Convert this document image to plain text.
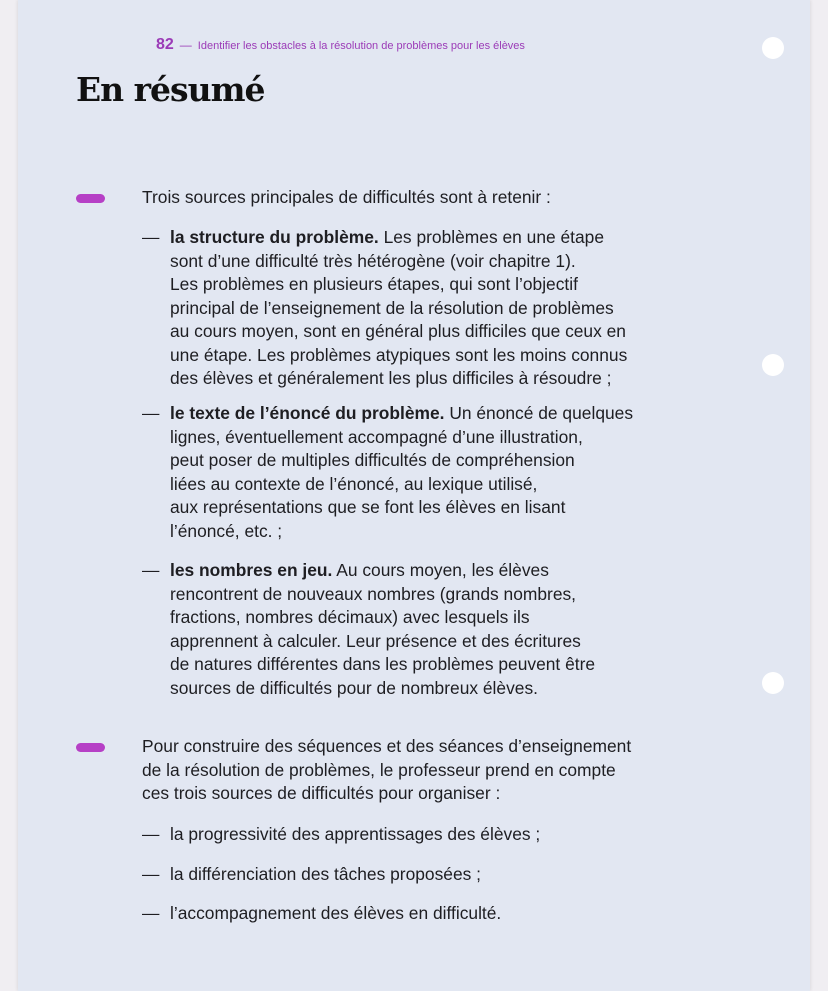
82 — Identifier les obstacles à la résolution de problèmes pour les élèves
En résumé

Trois sources principales de difficultés sont à retenir :

— la structure du problème. Les problèmes en une étape
sont d’une difficulté très hétérogène (voir chapitre 1).
Les problèmes en plusieurs étapes, qui sont l’objectif
principal de l’enseignement de la résolution de problèmes
au cours moyen, sont en général plus difficiles que ceux en
une étape. Les problèmes atypiques sont les moins connus
des élèves et généralement les plus difficiles à résoudre ;
— le texte de l’énoncé du problème. Un énoncé de quelques
lignes, éventuellement accompagné d’une illustration,
peut poser de multiples difficultés de compréhension
liées au contexte de l’énoncé, au lexique utilisé,
aux représentations que se font les élèves en lisant
l’énoncé, etc. ;
— les nombres en jeu. Au cours moyen, les élèves
rencontrent de nouveaux nombres (grands nombres,
fractions, nombres décimaux) avec lesquels ils
apprennent à calculer. Leur présence et des écritures
de natures différentes dans les problèmes peuvent être
sources de difficultés pour de nombreux élèves.
Pour construire des séquences et des séances d’enseignement
de la résolution de problèmes, le professeur prend en compte
ces trois sources de difficultés pour organiser :
— la progressivité des apprentissages des élèves ;
— la différenciation des tâches proposées ;
— l’accompagnement des élèves en difficulté.
